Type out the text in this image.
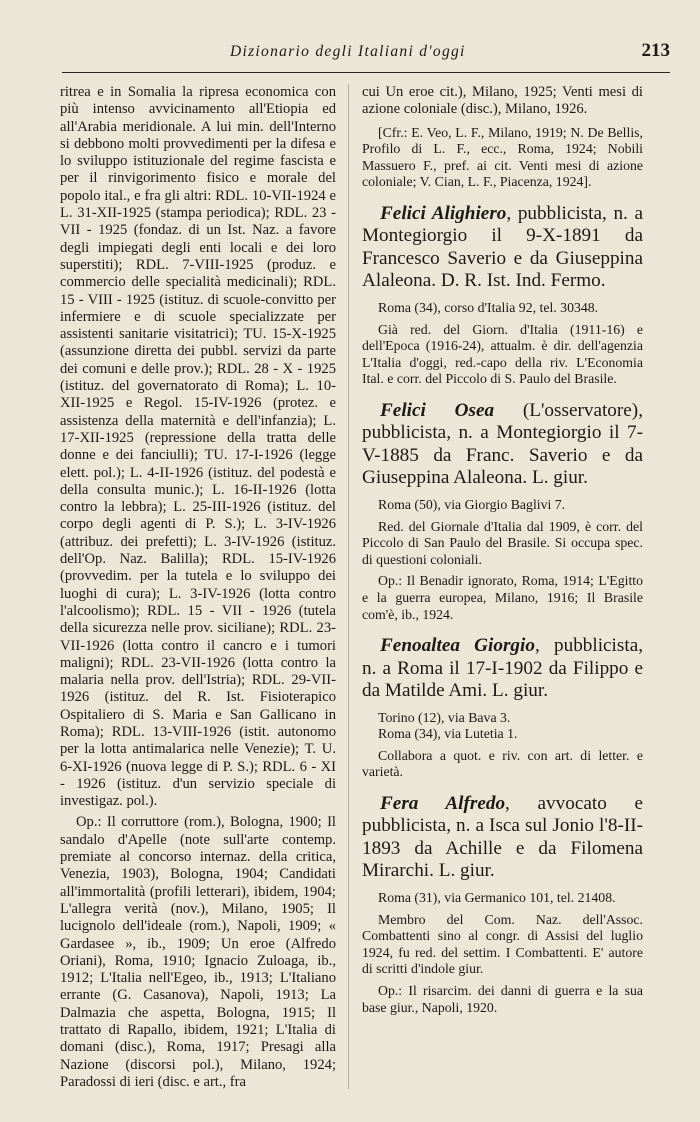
Dizionario degli Italiani d'oggi	213

ritrea e in Somalia la ripresa economica con più intenso avvicinamento all'Etiopia ed all'Arabia meridionale. A lui min. dell'Interno si debbono molti provvedimenti per la difesa e lo sviluppo istituzionale del regime fascista e per il rinvigorimento fisico e morale del popolo ital., e fra gli altri: RDL. 10-VII-1924 e L. 31-XII-1925 (stampa periodica); RDL. 23 - VII - 1925 (fondaz. di un Ist. Naz. a favore degli impiegati degli enti locali e dei loro superstiti); RDL. 7-VIII-1925 (produz. e commercio delle specialità medicinali); RDL. 15 - VIII - 1925 (istituz. di scuole-convitto per infermiere e di scuole specializzate per assistenti sanitarie visitatrici); TU. 15-X-1925 (assunzione diretta dei pubbl. servizi da parte dei comuni e delle prov.); RDL. 28 - X - 1925 (istituz. del governatorato di Roma); L. 10-XII-1925 e Regol. 15-IV-1926 (protez. e assistenza della maternità e dell'infanzia); L. 17-XII-1925 (repressione della tratta delle donne e dei fanciulli); TU. 17-I-1926 (legge elett. pol.); L. 4-II-1926 (istituz. del podestà e della consulta munic.); L. 16-II-1926 (lotta contro la lebbra); L. 25-III-1926 (istituz. del corpo degli agenti di P. S.); L. 3-IV-1926 (attribuz. dei prefetti); L. 3-IV-1926 (istituz. dell'Op. Naz. Balilla); RDL. 15-IV-1926 (provvedim. per la tutela e lo sviluppo dei luoghi di cura); L. 3-IV-1926 (lotta contro l'alcoolismo); RDL. 15 - VII - 1926 (tutela della sicurezza nelle prov. siciliane); RDL. 23-VII-1926 (lotta contro il cancro e i tumori maligni); RDL. 23-VII-1926 (lotta contro la malaria nella prov. dell'Istria); RDL. 29-VII-1926 (istituz. del R. Ist. Fisioterapico Ospitaliero di S. Maria e San Gallicano in Roma); RDL. 13-VIII-1926 (istit. autonomo per la lotta antimalarica nelle Venezie); T. U. 6-XI-1926 (nuova legge di P. S.); RDL. 6 - XI - 1926 (istituz. d'un servizio speciale di investigaz. pol.).

Op.: Il corruttore (rom.), Bologna, 1900; Il sandalo d'Apelle (note sull'arte contemp. premiate al concorso internaz. della critica, Venezia, 1903), Bologna, 1904; Candidati all'immortalità (profili letterari), ibidem, 1904; L'allegra verità (nov.), Milano, 1905; Il lucignolo dell'ideale (rom.), Napoli, 1909; « Gardasee », ib., 1909; Un eroe (Alfredo Oriani), Roma, 1910; Ignacio Zuloaga, ib., 1912; L'Italia nell'Egeo, ib., 1913; L'Italiano errante (G. Casanova), Napoli, 1913; La Dalmazia che aspetta, Bologna, 1915; Il trattato di Rapallo, ibidem, 1921; L'Italia di domani (disc.), Roma, 1917; Presagi alla Nazione (discorsi pol.), Milano, 1924; Paradossi di ieri (disc. e art., fra

cui Un eroe cit.), Milano, 1925; Venti mesi di azione coloniale (disc.), Milano, 1926.

[Cfr.: E. Veo, L. F., Milano, 1919; N. De Bellis, Profilo di L. F., ecc., Roma, 1924; Nobili Massuero F., pref. ai cit. Venti mesi di azione coloniale; V. Cian, L. F., Piacenza, 1924].

Felici Alighiero, pubblicista, n. a Montegiorgio il 9-X-1891 da Francesco Saverio e da Giuseppina Alaleona. D. R. Ist. Ind. Fermo.

Roma (34), corso d'Italia 92, tel. 30348.

Già red. del Giorn. d'Italia (1911-16) e dell'Epoca (1916-24), attualm. è dir. dell'agenzia L'Italia d'oggi, red.-capo della riv. L'Economia Ital. e corr. del Piccolo di S. Paulo del Brasile.

Felici Osea (L'osservatore), pubblicista, n. a Montegiorgio il 7-V-1885 da Franc. Saverio e da Giuseppina Alaleona. L. giur.

Roma (50), via Giorgio Baglivi 7.

Red. del Giornale d'Italia dal 1909, è corr. del Piccolo di San Paulo del Brasile. Si occupa spec. di questioni coloniali.

Op.: Il Benadir ignorato, Roma, 1914; L'Egitto e la guerra europea, Milano, 1916; Il Brasile com'è, ib., 1924.

Fenoaltea Giorgio, pubblicista, n. a Roma il 17-I-1902 da Filippo e da Matilde Ami. L. giur.

Torino (12), via Bava 3.

Roma (34), via Lutetia 1.

Collabora a quot. e riv. con art. di letter. e varietà.

Fera Alfredo, avvocato e pubblicista, n. a Isca sul Jonio l'8-II-1893 da Achille e da Filomena Mirarchi. L. giur.

Roma (31), via Germanico 101, tel. 21408.

Membro del Com. Naz. dell'Assoc. Combattenti sino al congr. di Assisi del luglio 1924, fu red. del settim. I Combattenti. E' autore di scritti d'indole giur.

Op.: Il risarcim. dei danni di guerra e la sua base giur., Napoli, 1920.
